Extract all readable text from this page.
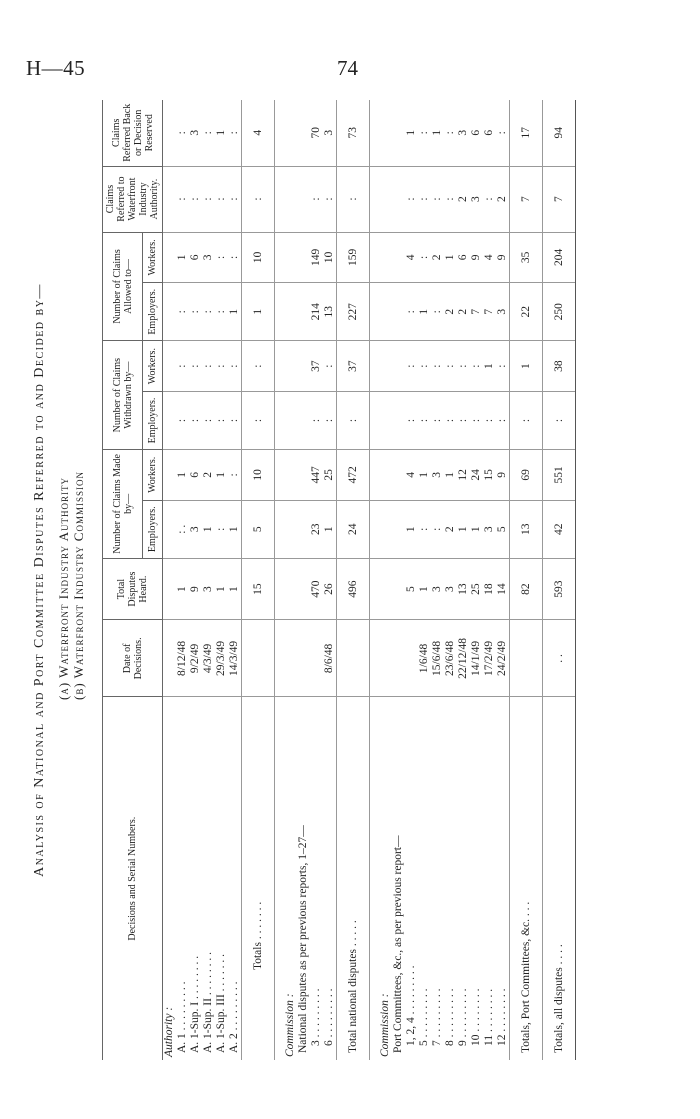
H—45	74
Analysis of National and Port Committee Disputes Referred to and Decided by— (a) Waterfront Industry Authority (b) Waterfront Industry Commission
Decisions and Serial Numbers.	Date of Decisions.	Total Disputes Heard.	Number of Claims Made by—		Number of Claims Withdrawn by—		Number of Claims Allowed to—		Claims Referred to Waterfront Industry Authority.	Claims Referred Back or Decision Reserved
			Employers.	Workers.	Employers.	Workers.	Employers.	Workers.		
Authority :										
A. 1 . . . . . . . . .	8/12/48	1	: .	1	:	:	:	1	:	:
A. 1-Sup. I . . . . . . . .	9/2/49	9	3	6	:	:	:	6	:	3
A. 1-Sup. II . . . . . . . .	4/3/49	3	1	2	:	:	:	3	:	:
A. 1-Sup. III . . . . . . .	29/3/49	1	:	1	:	:	:	:	:	1
A. 2 . . . . . . . . .	14/3/49	1	1	:	:	:	1	:	:	:
Totals . . . . . . .		15	5	10	:	:	1	10	:	4

Commission :										
National disputes as per previous reports, 1–27—										
3 . . . . . . . . .		470	23	447	:	37	214	149	:	70
6 . . . . . . . . .	8/6/48	26	1	25	:	:	13	10	:	3
Total national disputes . . . . .		496	24	472	:	37	227	159	:	73

Commission :										
Port Committees, &c., as per previous report—										
1, 2, 4 . . . . . . . . .		5	1	4	:	:	:	4	:	1
5 . . . . . . . . .	1/6/48	1	:	1	:	:	1	:	:	:
7 . . . . . . . . .	15/6/48	3	:	3	:	:	:	2	:	1
8 . . . . . . . . .	23/6/48	3	2	1	:	:	2	1	:	:
9 . . . . . . . . .	22/12/48	13	1	12	:	:	2	6	2	3
10 . . . . . . . .	14/1/49	25	1	24	:	:	7	9	3	6
11 . . . . . . . .	17/2/49	18	3	15	:	1	7	4	:	6
12 . . . . . . . .	24/2/49	14	5	9	:	:	3	9	2	:
Totals, Port Committees, &c. . . .		82	13	69	:	1	22	35	7	17
Totals, all disputes . . . .	. .	593	42	551	:	38	250	204	7	94
